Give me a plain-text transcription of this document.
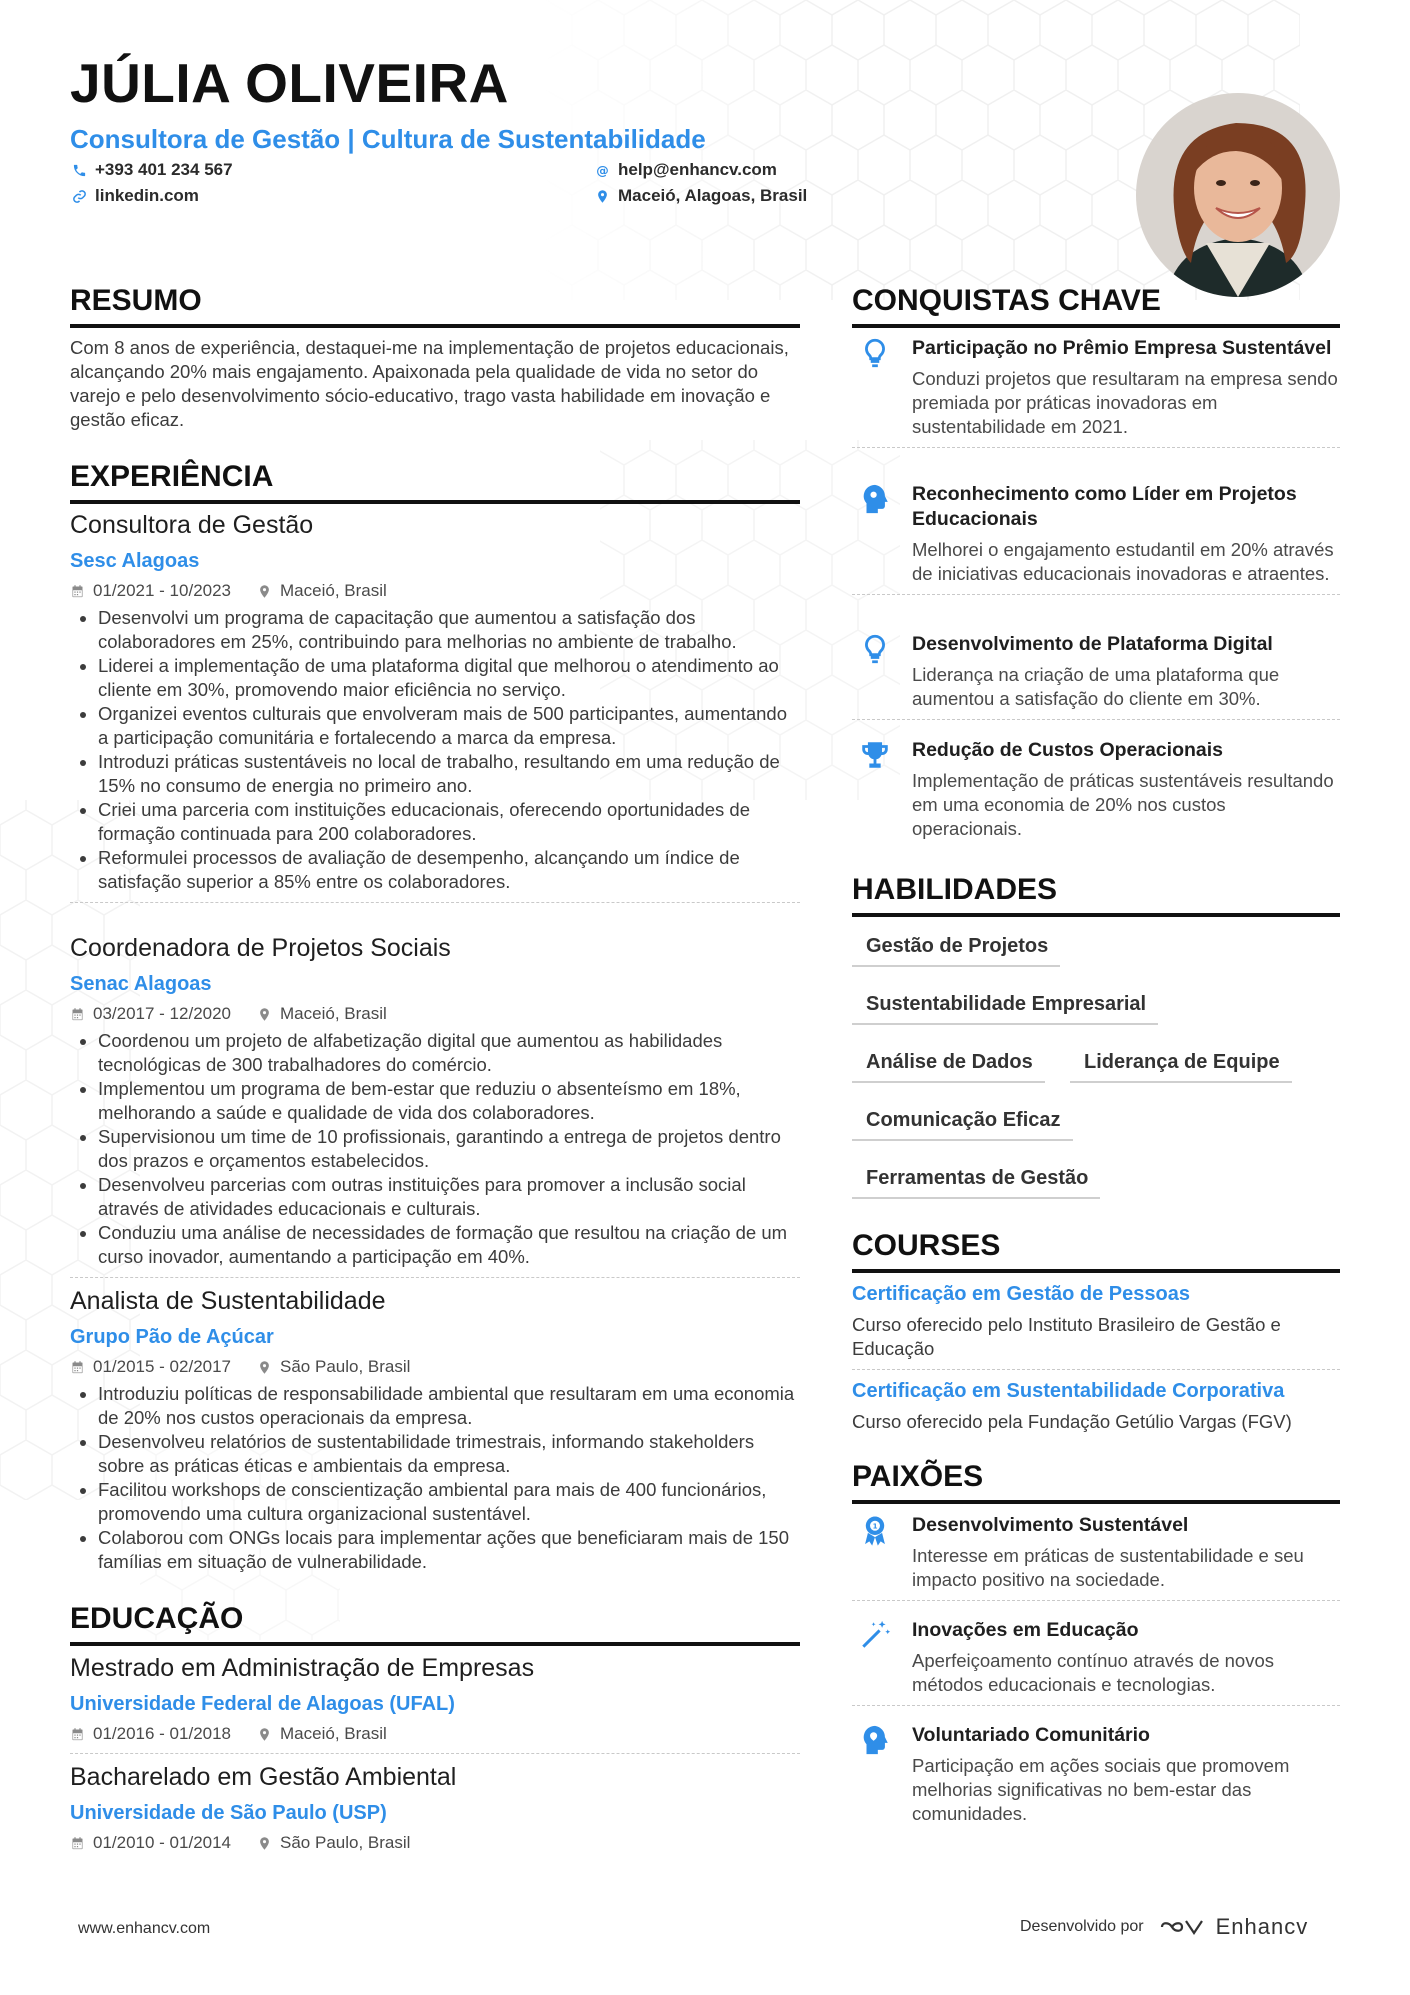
JÚLIA OLIVEIRA
Consultora de Gestão | Cultura de Sustentabilidade
+393 401 234 567	@ help@enhancv.com
linkedin.com	Maceió, Alagoas, Brasil
RESUMO
Com 8 anos de experiência, destaquei-me na implementação de projetos educacionais, alcançando 20% mais engajamento. Apaixonada pela qualidade de vida no setor do varejo e pelo desenvolvimento sócio-educativo, trago vasta habilidade em inovação e gestão eficaz.
EXPERIÊNCIA
Consultora de Gestão
Sesc Alagoas
01/2021 - 10/2023	Maceió, Brasil
• Desenvolvi um programa de capacitação que aumentou a satisfação dos colaboradores em 25%, contribuindo para melhorias no ambiente de trabalho.
• Liderei a implementação de uma plataforma digital que melhorou o atendimento ao cliente em 30%, promovendo maior eficiência no serviço.
• Organizei eventos culturais que envolveram mais de 500 participantes, aumentando a participação comunitária e fortalecendo a marca da empresa.
• Introduzi práticas sustentáveis no local de trabalho, resultando em uma redução de 15% no consumo de energia no primeiro ano.
• Criei uma parceria com instituições educacionais, oferecendo oportunidades de formação continuada para 200 colaboradores.
• Reformulei processos de avaliação de desempenho, alcançando um índice de satisfação superior a 85% entre os colaboradores.
Coordenadora de Projetos Sociais
Senac Alagoas
03/2017 - 12/2020	Maceió, Brasil
• Coordenou um projeto de alfabetização digital que aumentou as habilidades tecnológicas de 300 trabalhadores do comércio.
• Implementou um programa de bem-estar que reduziu o absenteísmo em 18%, melhorando a saúde e qualidade de vida dos colaboradores.
• Supervisionou um time de 10 profissionais, garantindo a entrega de projetos dentro dos prazos e orçamentos estabelecidos.
• Desenvolveu parcerias com outras instituições para promover a inclusão social através de atividades educacionais e culturais.
• Conduziu uma análise de necessidades de formação que resultou na criação de um curso inovador, aumentando a participação em 40%.
Analista de Sustentabilidade
Grupo Pão de Açúcar
01/2015 - 02/2017	São Paulo, Brasil
• Introduziu políticas de responsabilidade ambiental que resultaram em uma economia de 20% nos custos operacionais da empresa.
• Desenvolveu relatórios de sustentabilidade trimestrais, informando stakeholders sobre as práticas éticas e ambientais da empresa.
• Facilitou workshops de conscientização ambiental para mais de 400 funcionários, promovendo uma cultura organizacional sustentável.
• Colaborou com ONGs locais para implementar ações que beneficiaram mais de 150 famílias em situação de vulnerabilidade.
EDUCAÇÃO
Mestrado em Administração de Empresas
Universidade Federal de Alagoas (UFAL)
01/2016 - 01/2018	Maceió, Brasil
Bacharelado em Gestão Ambiental
Universidade de São Paulo (USP)
01/2010 - 01/2014	São Paulo, Brasil
CONQUISTAS CHAVE
Participação no Prêmio Empresa Sustentável
Conduzi projetos que resultaram na empresa sendo premiada por práticas inovadoras em sustentabilidade em 2021.
Reconhecimento como Líder em Projetos Educacionais
Melhorei o engajamento estudantil em 20% através de iniciativas educacionais inovadoras e atraentes.
Desenvolvimento de Plataforma Digital
Liderança na criação de uma plataforma que aumentou a satisfação do cliente em 30%.
Redução de Custos Operacionais
Implementação de práticas sustentáveis resultando em uma economia de 20% nos custos operacionais.
HABILIDADES
Gestão de Projetos
Sustentabilidade Empresarial
Análise de Dados	Liderança de Equipe
Comunicação Eficaz
Ferramentas de Gestão
COURSES
Certificação em Gestão de Pessoas
Curso oferecido pelo Instituto Brasileiro de Gestão e Educação
Certificação em Sustentabilidade Corporativa
Curso oferecido pela Fundação Getúlio Vargas (FGV)
PAIXÕES
1 Desenvolvimento Sustentável
Interesse em práticas de sustentabilidade e seu impacto positivo na sociedade.
Inovações em Educação
Aperfeiçoamento contínuo através de novos métodos educacionais e tecnologias.
Voluntariado Comunitário
Participação em ações sociais que promovem melhorias significativas no bem-estar das comunidades.
www.enhancv.com	Desenvolvido por	Enhancv
